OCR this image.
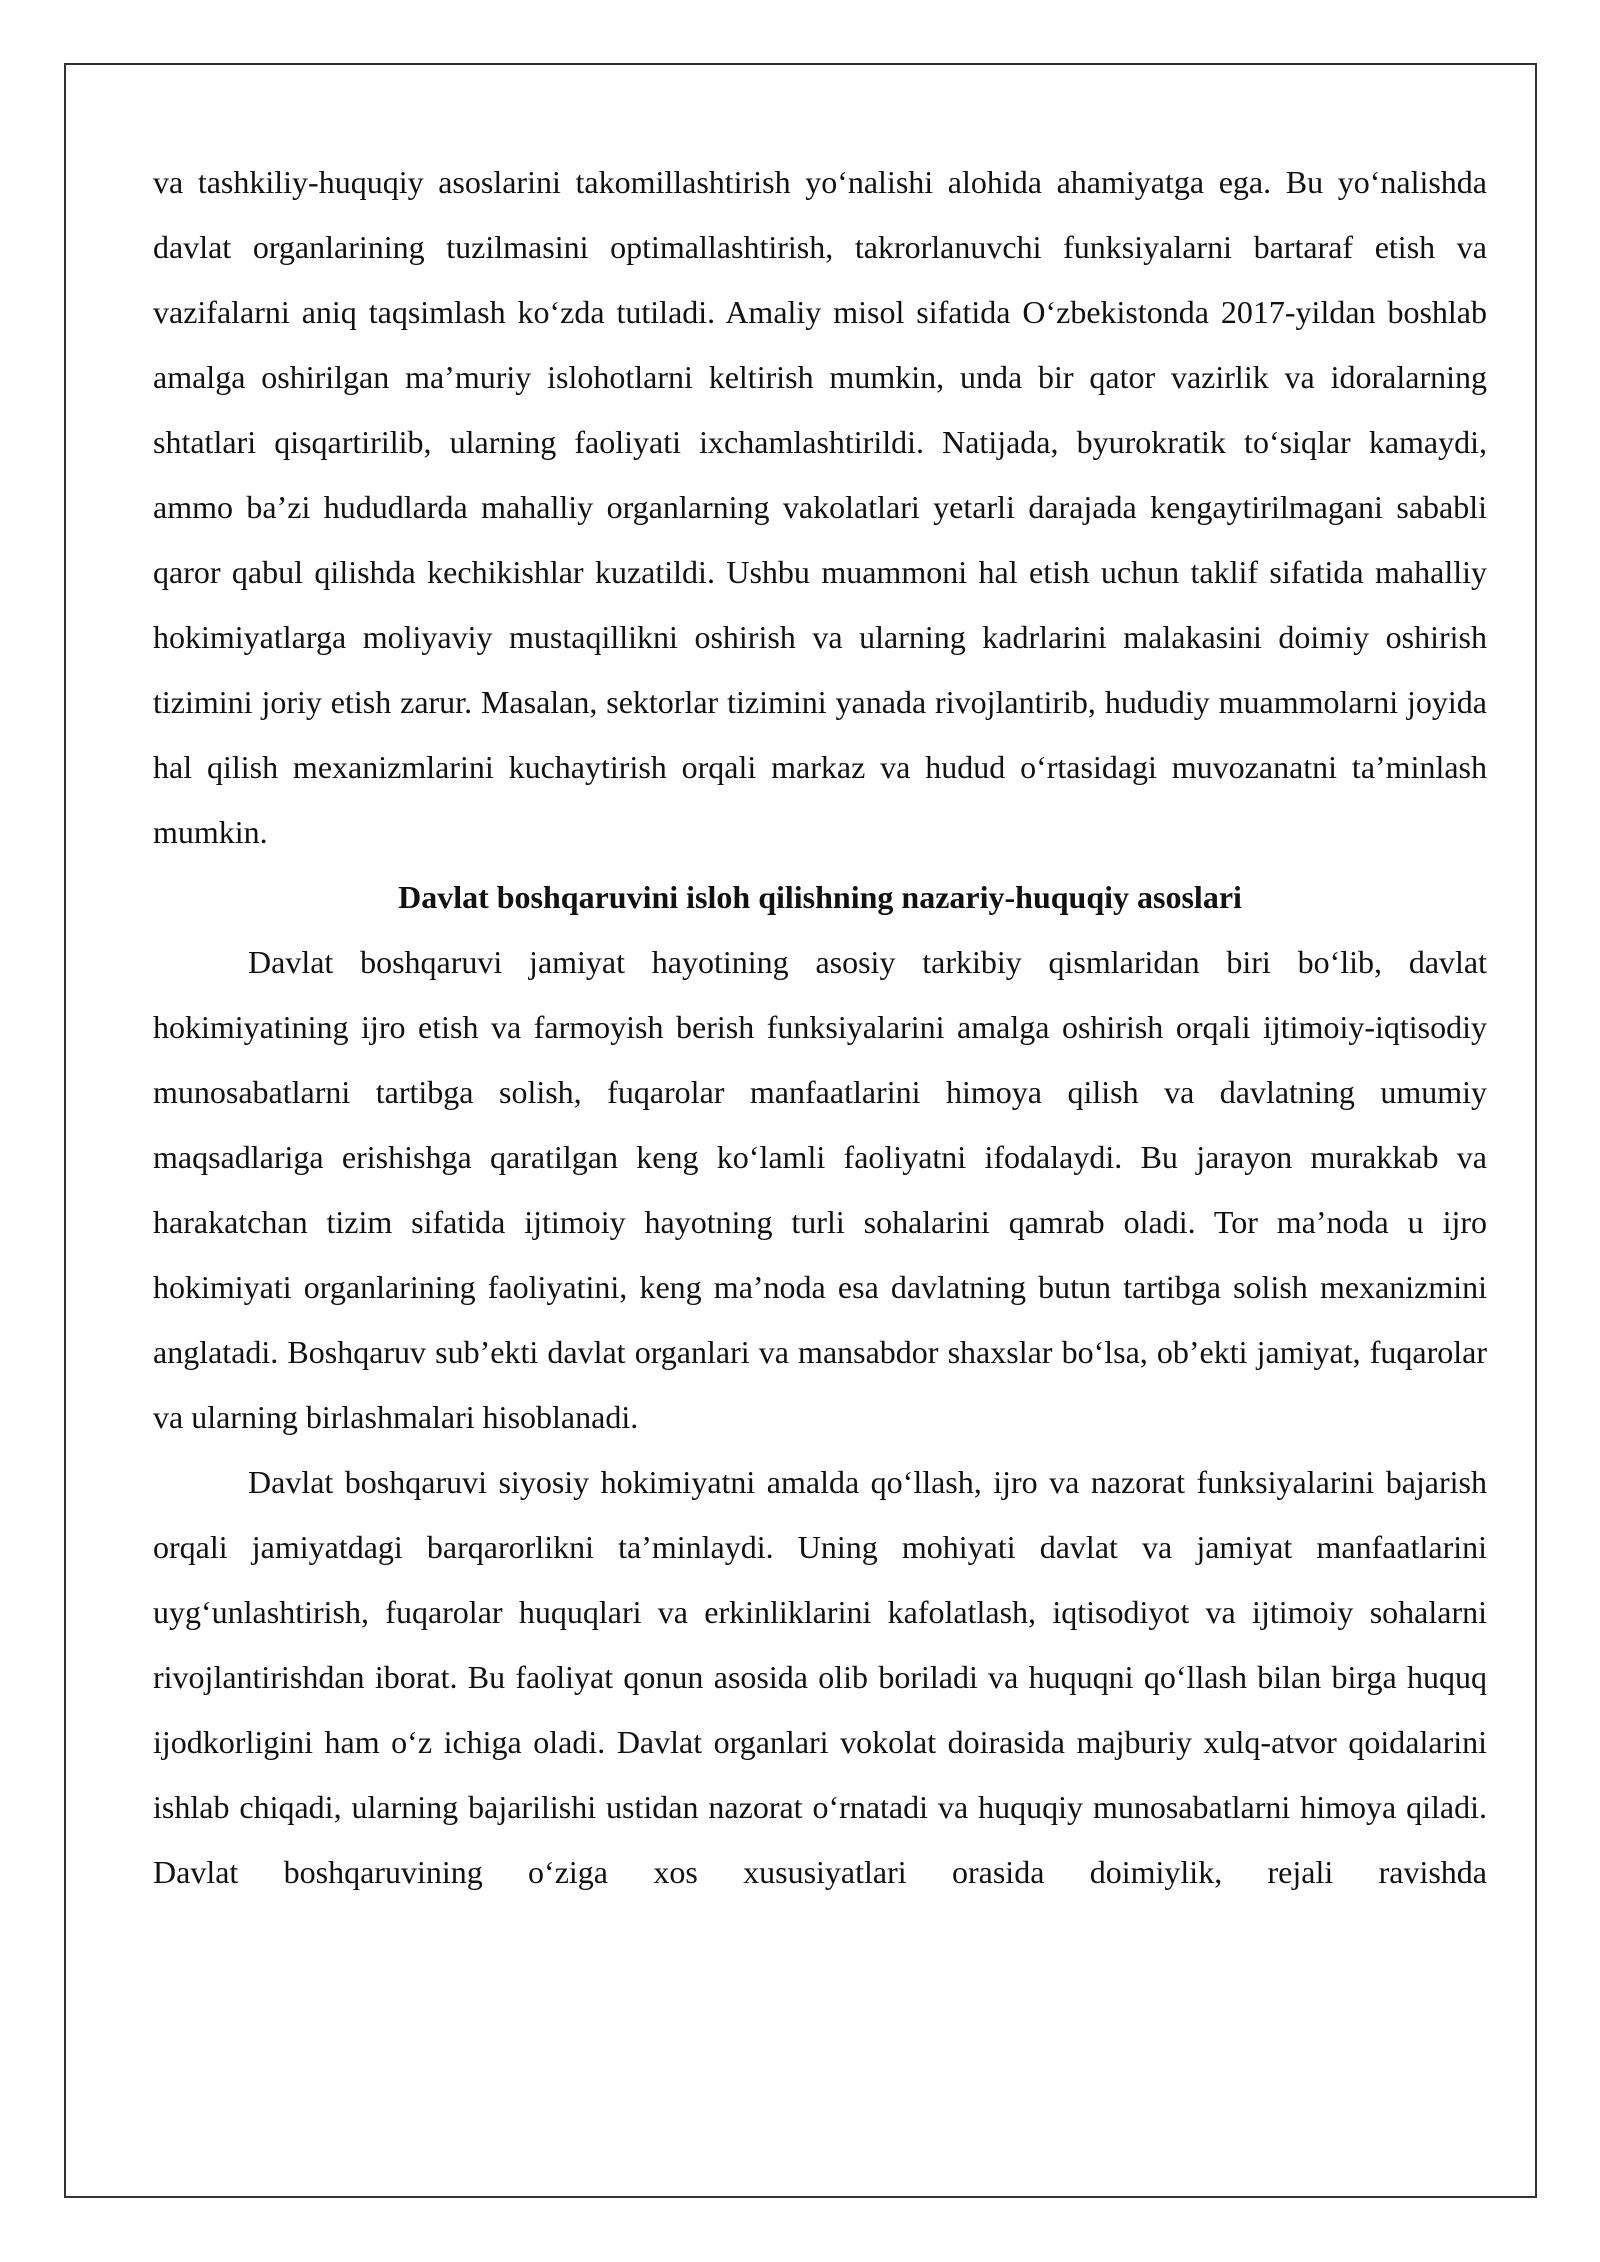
va tashkiliy-huquqiy asoslarini takomillashtirish yo‘nalishi alohida ahamiyatga ega. Bu yo‘nalishda davlat organlarining tuzilmasini optimallashtirish, takrorlanuvchi funksiyalarni bartaraf etish va vazifalarni aniq taqsimlash ko‘zda tutiladi. Amaliy misol sifatida O‘zbekistonda 2017-yildan boshlab amalga oshirilgan ma’muriy islohotlarni keltirish mumkin, unda bir qator vazirlik va idoralarning shtatlari qisqartirilib, ularning faoliyati ixchamlashtirildi. Natijada, byurokratik to‘siqlar kamaydi, ammo ba’zi hududlarda mahalliy organlarning vakolatlari yetarli darajada kengaytirilmagani sababli qaror qabul qilishda kechikishlar kuzatildi. Ushbu muammoni hal etish uchun taklif sifatida mahalliy hokimiyatlarga moliyaviy mustaqillikni oshirish va ularning kadrlarini malakasini doimiy oshirish tizimini joriy etish zarur. Masalan, sektorlar tizimini yanada rivojlantirib, hududiy muammolarni joyida hal qilish mexanizmlarini kuchaytirish orqali markaz va hudud o‘rtasidagi muvozanatni ta’minlash mumkin.

Davlat boshqaruvini isloh qilishning nazariy-huquqiy asoslari

Davlat boshqaruvi jamiyat hayotining asosiy tarkibiy qismlaridan biri bo‘lib, davlat hokimiyatining ijro etish va farmoyish berish funksiyalarini amalga oshirish orqali ijtimoiy-iqtisodiy munosabatlarni tartibga solish, fuqarolar manfaatlarini himoya qilish va davlatning umumiy maqsadlariga erishishga qaratilgan keng ko‘lamli faoliyatni ifodalaydi. Bu jarayon murakkab va harakatchan tizim sifatida ijtimoiy hayotning turli sohalarini qamrab oladi. Tor ma’noda u ijro hokimiyati organlarining faoliyatini, keng ma’noda esa davlatning butun tartibga solish mexanizmini anglatadi. Boshqaruv sub’ekti davlat organlari va mansabdor shaxslar bo‘lsa, ob’ekti jamiyat, fuqarolar va ularning birlashmalari hisoblanadi.

Davlat boshqaruvi siyosiy hokimiyatni amalda qo‘llash, ijro va nazorat funksiyalarini bajarish orqali jamiyatdagi barqarorlikni ta’minlaydi. Uning mohiyati davlat va jamiyat manfaatlarini uyg‘unlashtirish, fuqarolar huquqlari va erkinliklarini kafolatlash, iqtisodiyot va ijtimoiy sohalarni rivojlantirishdan iborat. Bu faoliyat qonun asosida olib boriladi va huquqni qo‘llash bilan birga huquq ijodkorligini ham o‘z ichiga oladi. Davlat organlari vokolat doirasida majburiy xulq-atvor qoidalarini ishlab chiqadi, ularning bajarilishi ustidan nazorat o‘rnatadi va huquqiy munosabatlarni himoya qiladi. Davlat boshqaruvining o‘ziga xos xususiyatlari orasida doimiylik, rejali ravishda
